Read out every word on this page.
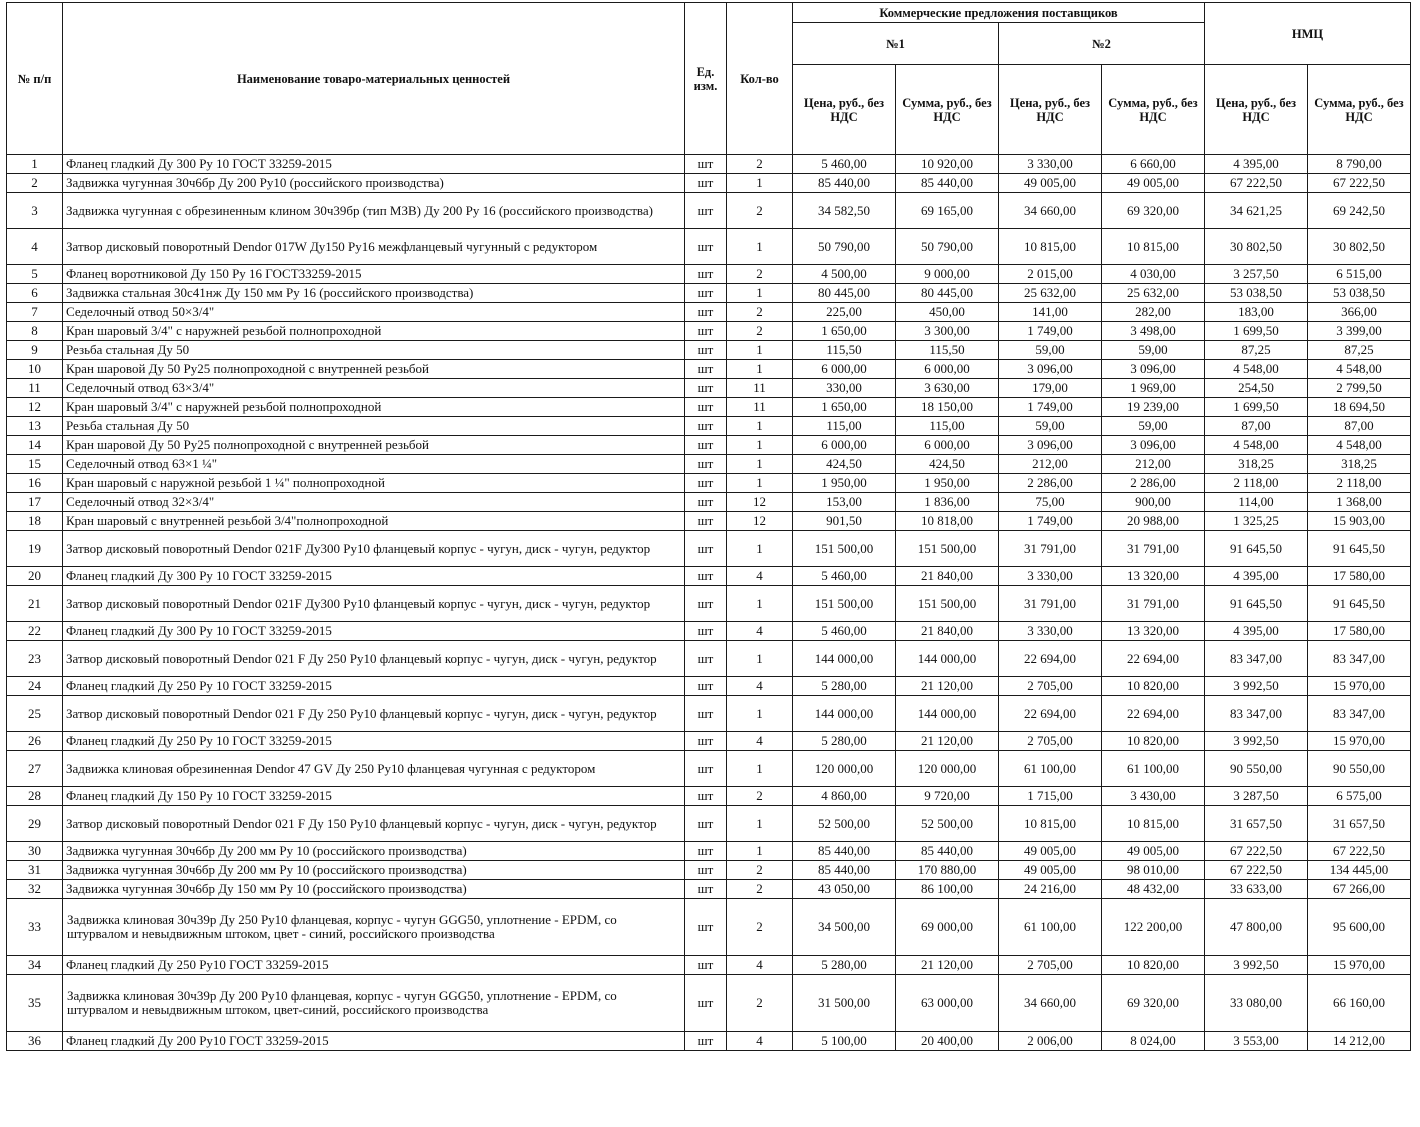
№ п/п	Наименование товаро-материальных ценностей	Ед. изм.	Кол-во	Коммерческие предложения поставщиков				НМЦ	
				№1		№2			
				Цена, руб., без НДС	Сумма, руб., без НДС	Цена, руб., без НДС	Сумма, руб., без НДС	Цена, руб., без НДС	Сумма, руб., без НДС
1	Фланец гладкий Ду 300 Ру 10 ГОСТ 33259-2015	шт	2	5 460,00	10 920,00	3 330,00	6 660,00	4 395,00	8 790,00
2	Задвижка чугунная 30ч6бр Ду 200 Ру10 (российского производства)	шт	1	85 440,00	85 440,00	49 005,00	49 005,00	67 222,50	67 222,50
3	Задвижка чугунная с обрезиненным клином 30ч39бр (тип МЗВ) Ду 200 Ру 16 (российского производства)	шт	2	34 582,50	69 165,00	34 660,00	69 320,00	34 621,25	69 242,50
4	Затвор дисковый поворотный Dendor 017W Ду150 Ру16 межфланцевый чугунный с редуктором	шт	1	50 790,00	50 790,00	10 815,00	10 815,00	30 802,50	30 802,50
5	Фланец воротниковой Ду 150 Ру 16 ГОСТ33259-2015	шт	2	4 500,00	9 000,00	2 015,00	4 030,00	3 257,50	6 515,00
6	Задвижка стальная 30с41нж Ду 150 мм Ру 16 (российского производства)	шт	1	80 445,00	80 445,00	25 632,00	25 632,00	53 038,50	53 038,50
7	Седелочный отвод 50×3/4"	шт	2	225,00	450,00	141,00	282,00	183,00	366,00
8	Кран шаровый 3/4" с наружней резьбой полнопроходной	шт	2	1 650,00	3 300,00	1 749,00	3 498,00	1 699,50	3 399,00
9	Резьба стальная Ду 50	шт	1	115,50	115,50	59,00	59,00	87,25	87,25
10	Кран шаровой Ду 50 Ру25 полнопроходной с внутренней резьбой	шт	1	6 000,00	6 000,00	3 096,00	3 096,00	4 548,00	4 548,00
11	Седелочный отвод 63×3/4"	шт	11	330,00	3 630,00	179,00	1 969,00	254,50	2 799,50
12	Кран шаровый 3/4" с наружней резьбой полнопроходной	шт	11	1 650,00	18 150,00	1 749,00	19 239,00	1 699,50	18 694,50
13	Резьба стальная Ду 50	шт	1	115,00	115,00	59,00	59,00	87,00	87,00
14	Кран шаровой Ду 50 Ру25 полнопроходной с внутренней резьбой	шт	1	6 000,00	6 000,00	3 096,00	3 096,00	4 548,00	4 548,00
15	Седелочный отвод 63×1 ¼"	шт	1	424,50	424,50	212,00	212,00	318,25	318,25
16	Кран шаровый с наружной резьбой 1 ¼" полнопроходной	шт	1	1 950,00	1 950,00	2 286,00	2 286,00	2 118,00	2 118,00
17	Седелочный отвод 32×3/4"	шт	12	153,00	1 836,00	75,00	900,00	114,00	1 368,00
18	Кран шаровый с внутренней резьбой 3/4"полнопроходной	шт	12	901,50	10 818,00	1 749,00	20 988,00	1 325,25	15 903,00
19	Затвор дисковый поворотный Dendor 021F Ду300 Ру10 фланцевый корпус - чугун, диск - чугун, редуктор	шт	1	151 500,00	151 500,00	31 791,00	31 791,00	91 645,50	91 645,50
20	Фланец гладкий Ду 300 Ру 10 ГОСТ 33259-2015	шт	4	5 460,00	21 840,00	3 330,00	13 320,00	4 395,00	17 580,00
21	Затвор дисковый поворотный Dendor 021F Ду300 Ру10 фланцевый корпус - чугун, диск - чугун, редуктор	шт	1	151 500,00	151 500,00	31 791,00	31 791,00	91 645,50	91 645,50
22	Фланец гладкий Ду 300 Ру 10 ГОСТ 33259-2015	шт	4	5 460,00	21 840,00	3 330,00	13 320,00	4 395,00	17 580,00
23	Затвор дисковый поворотный Dendor 021 F Ду 250 Ру10 фланцевый корпус - чугун, диск - чугун, редуктор	шт	1	144 000,00	144 000,00	22 694,00	22 694,00	83 347,00	83 347,00
24	Фланец гладкий Ду 250 Ру 10 ГОСТ 33259-2015	шт	4	5 280,00	21 120,00	2 705,00	10 820,00	3 992,50	15 970,00
25	Затвор дисковый поворотный Dendor 021 F Ду 250 Ру10 фланцевый корпус - чугун, диск - чугун, редуктор	шт	1	144 000,00	144 000,00	22 694,00	22 694,00	83 347,00	83 347,00
26	Фланец гладкий Ду 250 Ру 10 ГОСТ 33259-2015	шт	4	5 280,00	21 120,00	2 705,00	10 820,00	3 992,50	15 970,00
27	Задвижка клиновая обрезиненная Dendor 47 GV Ду 250 Ру10 фланцевая чугунная с редуктором	шт	1	120 000,00	120 000,00	61 100,00	61 100,00	90 550,00	90 550,00
28	Фланец гладкий Ду 150 Ру 10 ГОСТ 33259-2015	шт	2	4 860,00	9 720,00	1 715,00	3 430,00	3 287,50	6 575,00
29	Затвор дисковый поворотный Dendor 021 F Ду 150 Ру10 фланцевый корпус - чугун, диск - чугун, редуктор	шт	1	52 500,00	52 500,00	10 815,00	10 815,00	31 657,50	31 657,50
30	Задвижка чугунная 30ч6бр Ду 200 мм Ру 10 (российского производства)	шт	1	85 440,00	85 440,00	49 005,00	49 005,00	67 222,50	67 222,50
31	Задвижка чугунная 30ч6бр Ду 200 мм Ру 10 (российского производства)	шт	2	85 440,00	170 880,00	49 005,00	98 010,00	67 222,50	134 445,00
32	Задвижка чугунная 30ч6бр Ду 150 мм Ру 10 (российского производства)	шт	2	43 050,00	86 100,00	24 216,00	48 432,00	33 633,00	67 266,00
33	Задвижка клиновая 30ч39р Ду 250 Ру10 фланцевая, корпус - чугун GGG50, уплотнение - EPDM, со штурвалом и невыдвижным штоком, цвет - синий, российского производства	шт	2	34 500,00	69 000,00	61 100,00	122 200,00	47 800,00	95 600,00
34	Фланец гладкий Ду 250 Ру10 ГОСТ 33259-2015	шт	4	5 280,00	21 120,00	2 705,00	10 820,00	3 992,50	15 970,00
35	Задвижка клиновая 30ч39р Ду 200 Ру10 фланцевая, корпус - чугун GGG50, уплотнение - EPDM, со штурвалом и невыдвижным штоком, цвет-синий, российского производства	шт	2	31 500,00	63 000,00	34 660,00	69 320,00	33 080,00	66 160,00
36	Фланец гладкий Ду 200 Ру10 ГОСТ 33259-2015	шт	4	5 100,00	20 400,00	2 006,00	8 024,00	3 553,00	14 212,00
